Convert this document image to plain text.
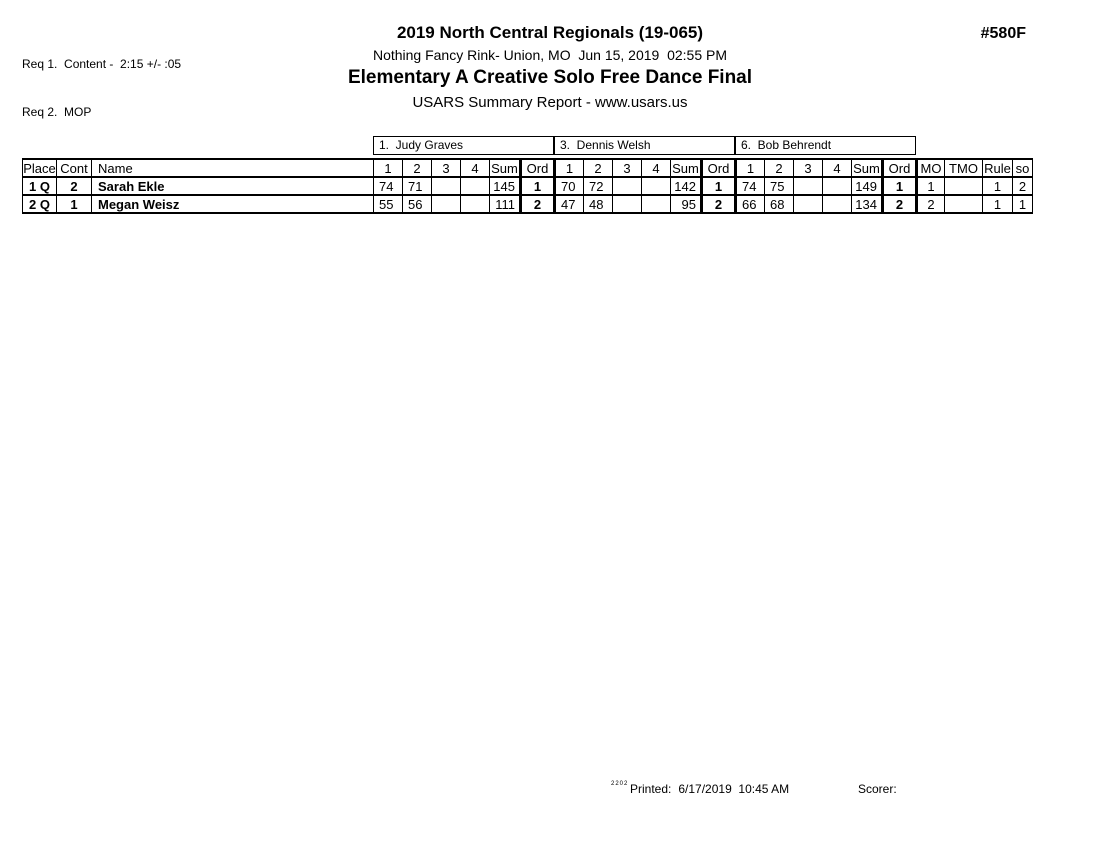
Req 1.  Content -  2:15 +/- :05

Req 2.  MOP

2019 North Central Regionals (19-065)
Nothing Fancy Rink- Union, MO  Jun 15, 2019  02:55 PM
Elementary A Creative Solo Free Dance Final
USARS Summary Report - www.usars.us
#580F
1.  Judy Graves	3.  Dennis Welsh	6.  Bob Behrendt
Place	Cont	Name	1	2	3	4	Sum	Ord	1	2	3	4	Sum	Ord	1	2	3	4	Sum	Ord	MO	TMO	Rule	so
1 Q	2	Sarah Ekle	74	71			145	1	70	72			142	1	74	75			149	1	1		1	2
2 Q	1	Megan Weisz	55	56			111	2	47	48			95	2	66	68			134	2	2		1	1
2202 Printed: 6/17/2019  10:45 AM	Scorer:
